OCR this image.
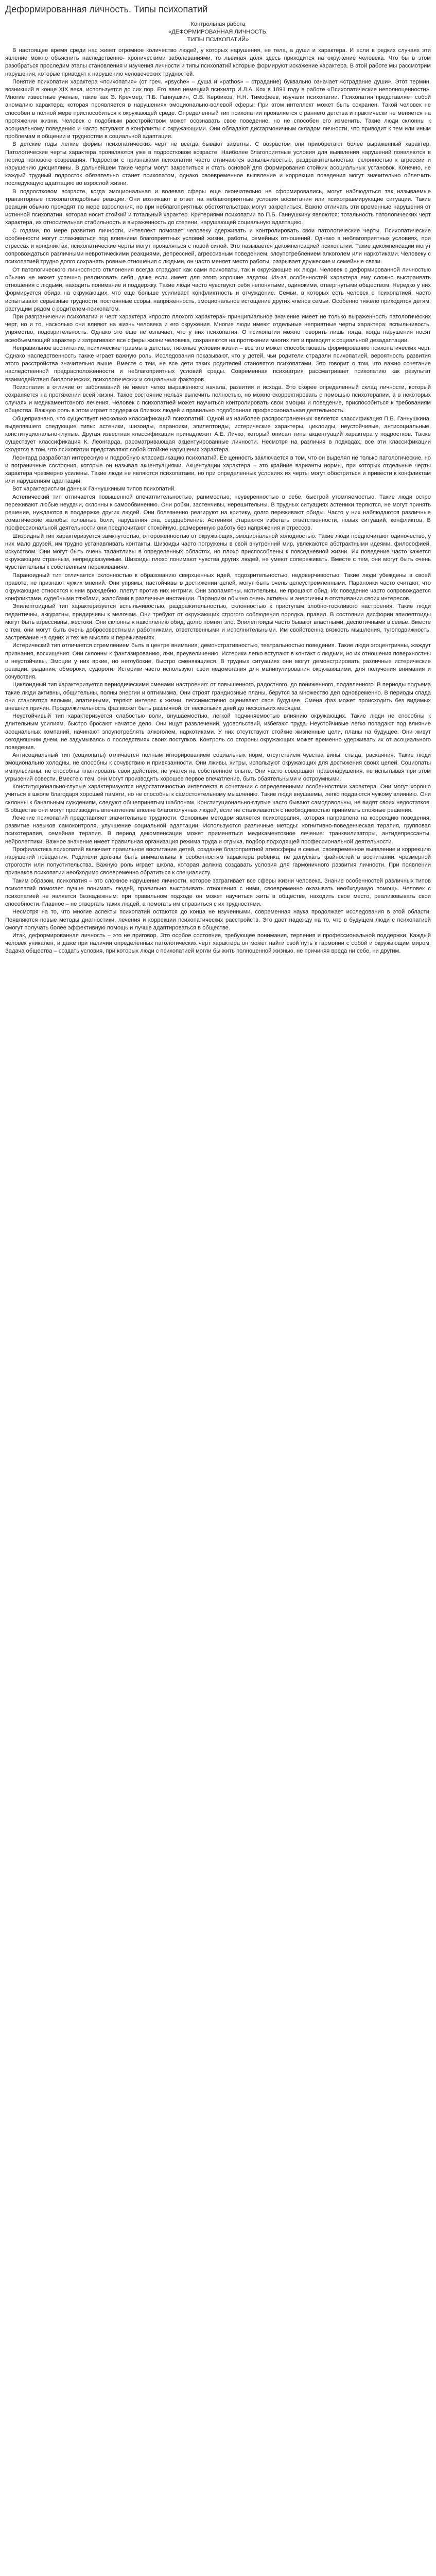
Деформированная личность. Типы психопатий
Контрольная работа
«ДЕФОРМИРОВАННАЯ ЛИЧНОСТЬ.
ТИПЫ ПСИХОПАТИЙ»

В настоящее время среди нас живет огромное количество людей, у которых нарушения, не тела, а души и характера. И если в редких случаях эти явление можно объяснить наследственно- хроническими заболеваниями, то львиная доля здесь приходится на окружение человека. Что бы в этом разобраться проследим этапы становления и изучения личности и типы психопатий которые формируют искажение характера. В этой работе мы рассмотрим нарушения, которые приводят к нарушению человеческих трудностей.

Понятие психопатии характера «психопатия» (от греч. «psyche» – душа и «pathos» – страдание) буквально означает «страдание души». Этот термин, возникший в конце XIX века, используется до сих пор. Его ввел немецкий психиатр И.Л.А. Кох в 1891 году в работе «Психопатические неполноценности». Многие известные ученые, такие как Э. Кречмер, П.Б. Ганнушкин, О.В. Кербиков, Н.Н. Тимофеев, изучали психопатии. Психопатия представляет собой аномалию характера, которая проявляется в нарушениях эмоционально-волевой сферы. При этом интеллект может быть сохранен. Такой человек не способен в полной мере приспособиться к окружающей среде. Определенный тип психопатии проявляется с раннего детства и практически не меняется на протяжении жизни. Человек с подобным расстройством может осознавать свое поведение, но не способен его изменить. Такие люди склонны к асоциальному поведению и часто вступают в конфликты с окружающими. Они обладают дисгармоничным складом личности, что приводит к тем или иным проблемам в общении и трудностям в социальной адаптации.

В детские годы легкие формы психопатических черт не всегда бывают заметны. С возрастом они приобретают более выраженный характер. Патологические черты характера проявляются уже в подростковом возрасте. Наиболее благоприятные условия для выявления нарушений появляются в период полового созревания. Подростки с признаками психопатии часто отличаются вспыльчивостью, раздражительностью, склонностью к агрессии и нарушению дисциплины. В дальнейшем такие черты могут закрепиться и стать основой для формирования стойких асоциальных установок. Конечно, не каждый трудный подросток обязательно станет психопатом, однако своевременное выявление и коррекция поведения могут значительно облегчить последующую адаптацию во взрослой жизни.

В подростковом возрасте, когда эмоциональная и волевая сферы еще окончательно не сформировались, могут наблюдаться так называемые транзиторные психопатоподобные реакции. Они возникают в ответ на неблагоприятные условия воспитания или психотравмирующие ситуации. Такие реакции обычно проходят по мере взросления, но при неблагоприятных обстоятельствах могут закрепиться. Важно отличать эти временные нарушения от истинной психопатии, которая носит стойкий и тотальный характер. Критериями психопатии по П.Б. Ганнушкину являются: тотальность патологических черт характера, их относительная стабильность и выраженность до степени, нарушающей социальную адаптацию.

С годами, по мере развития личности, интеллект помогает человеку сдерживать и контролировать свои патологические черты. Психопатические особенности могут сглаживаться под влиянием благоприятных условий жизни, работы, семейных отношений. Однако в неблагоприятных условиях, при стрессах и конфликтах, психопатические черты могут проявляться с новой силой. Это называется декомпенсацией психопатии. Такие декомпенсации могут сопровождаться различными невротическими реакциями, депрессией, агрессивным поведением, злоупотреблением алкоголем или наркотиками. Человеку с психопатией трудно долго сохранять ровные отношения с людьми, он часто меняет место работы, разрывает дружеские и семейные связи.

От патологического личностного отклонения всегда страдают как сами психопаты, так и окружающие их люди. Человек с деформированной личностью обычно не может успешно реализовать себя, даже если имеет для этого хорошие задатки. Из-за особенностей характера ему сложно выстраивать отношения с людьми, находить понимание и поддержку. Такие люди часто чувствуют себя непонятыми, одинокими, отвергнутыми обществом. Нередко у них формируется обида на окружающих, что еще больше усиливает конфликтность и отчуждение. Семьи, в которых есть человек с психопатией, часто испытывают серьезные трудности: постоянные ссоры, напряженность, эмоциональное истощение других членов семьи. Особенно тяжело приходится детям, растущим рядом с родителем-психопатом.

При разграничении психопатии и черт характера «просто плохого характера» принципиальное значение имеет не только выраженность патологических черт, но и то, насколько они влияют на жизнь человека и его окружения. Многие люди имеют отдельные неприятные черты характера: вспыльчивость, упрямство, подозрительность. Однако это еще не означает, что у них психопатия. О психопатии можно говорить лишь тогда, когда нарушения носят всеобъемлющий характер и затрагивают все сферы жизни человека, сохраняются на протяжении многих лет и приводят к социальной дезадаптации.

Неправильное воспитание, психические травмы в детстве, тяжелые условия жизни – все это может способствовать формированию психопатических черт. Однако наследственность также играет важную роль. Исследования показывают, что у детей, чьи родители страдали психопатией, вероятность развития этого расстройства значительно выше. Вместе с тем, не все дети таких родителей становятся психопатами. Это говорит о том, что важно сочетание наследственной предрасположенности и неблагоприятных условий среды. Современная психиатрия рассматривает психопатию как результат взаимодействия биологических, психологических и социальных факторов.

Психопатия в отличие от заболеваний не имеет четко выраженного начала, развития и исхода. Это скорее определенный склад личности, который сохраняется на протяжении всей жизни. Такое состояние нельзя вылечить полностью, но можно скорректировать с помощью психотерапии, а в некоторых случаях и медикаментозного лечения. Человек с психопатией может научиться контролировать свои эмоции и поведение, приспособиться к требованиям общества. Важную роль в этом играет поддержка близких людей и правильно подобранная профессиональная деятельность.

Общепризнано, что существует несколько классификаций психопатий. Одной из наиболее распространенных является классификация П.Б. Ганнушкина, выделявшего следующие типы: астеники, шизоиды, параноики, эпилептоиды, истерические характеры, циклоиды, неустойчивые, антисоциальные, конституционально-глупые. Другая известная классификация принадлежит А.Е. Личко, который описал типы акцентуаций характера у подростков. Также существует классификация К. Леонгарда, рассматривающая акцентуированные личности. Несмотря на различия в подходах, все эти классификации сходятся в том, что психопатии представляют собой стойкие нарушения характера.

Леонгард разработал интересную и подробную классификацию психопатий. Ее ценность заключается в том, что он выделял не только патологические, но и пограничные состояния, которые он называл акцентуациями. Акцентуации характера – это крайние варианты нормы, при которых отдельные черты характера чрезмерно усилены. Такие люди не являются психопатами, но при определенных условиях их черты могут обостриться и привести к конфликтам или нарушениям адаптации.

Вот характеристики данных Ганнушкиным типов психопатий.

Астенический тип отличается повышенной впечатлительностью, ранимостью, неуверенностью в себе, быстрой утомляемостью. Такие люди остро переживают любые неудачи, склонны к самообвинению. Они робки, застенчивы, нерешительны. В трудных ситуациях астеники теряются, не могут принять решение, нуждаются в поддержке других людей. Они болезненно реагируют на критику, долго переживают обиды. Часто у них наблюдаются различные соматические жалобы: головные боли, нарушения сна, сердцебиение. Астеники стараются избегать ответственности, новых ситуаций, конфликтов. В профессиональной деятельности они предпочитают спокойную, размеренную работу без напряжения и стрессов.

Шизоидный тип характеризуется замкнутостью, отгороженностью от окружающих, эмоциональной холодностью. Такие люди предпочитают одиночество, у них мало друзей, им трудно устанавливать контакты. Шизоиды часто погружены в свой внутренний мир, увлекаются абстрактными идеями, философией, искусством. Они могут быть очень талантливы в определенных областях, но плохо приспособлены к повседневной жизни. Их поведение часто кажется окружающим странным, непредсказуемым. Шизоиды плохо понимают чувства других людей, не умеют сопереживать. Вместе с тем, они могут быть очень чувствительны к собственным переживаниям.

Параноидный тип отличается склонностью к образованию сверхценных идей, подозрительностью, недоверчивостью. Такие люди убеждены в своей правоте, не признают чужих мнений. Они упрямы, настойчивы в достижении целей, могут быть очень целеустремленными. Параноики часто считают, что окружающие относятся к ним враждебно, плетут против них интриги. Они злопамятны, мстительны, не прощают обид. Их поведение часто сопровождается конфликтами, судебными тяжбами, жалобами в различные инстанции. Параноики обычно очень активны и энергичны в отстаивании своих интересов.

Эпилептоидный тип характеризуется вспыльчивостью, раздражительностью, склонностью к приступам злобно-тоскливого настроения. Такие люди педантичны, аккуратны, придирчивы к мелочам. Они требуют от окружающих строгого соблюдения порядка, правил. В состоянии дисфории эпилептоиды могут быть агрессивны, жестоки. Они склонны к накоплению обид, долго помнят зло. Эпилептоиды часто бывают властными, деспотичными в семье. Вместе с тем, они могут быть очень добросовестными работниками, ответственными и исполнительными. Им свойственна вязкость мышления, тугоподвижность, застревание на одних и тех же мыслях и переживаниях.

Истерический тип отличается стремлением быть в центре внимания, демонстративностью, театральностью поведения. Такие люди эгоцентричны, жаждут признания, восхищения. Они склонны к фантазированию, лжи, преувеличению. Истерики легко вступают в контакт с людьми, но их отношения поверхностны и неустойчивы. Эмоции у них яркие, но неглубокие, быстро сменяющиеся. В трудных ситуациях они могут демонстрировать различные истерические реакции: рыдания, обмороки, судороги. Истерики часто используют свои недомогания для манипулирования окружающими, для получения внимания и сочувствия.

Циклоидный тип характеризуется периодическими сменами настроения: от повышенного, радостного, до пониженного, подавленного. В периоды подъема такие люди активны, общительны, полны энергии и оптимизма. Они строят грандиозные планы, берутся за множество дел одновременно. В периоды спада они становятся вялыми, апатичными, теряют интерес к жизни, пессимистично оценивают свое будущее. Смена фаз может происходить без видимых внешних причин. Продолжительность фаз может быть различной: от нескольких дней до нескольких месяцев.

Неустойчивый тип характеризуется слабостью воли, внушаемостью, легкой подчиняемостью влиянию окружающих. Такие люди не способны к длительным усилиям, быстро бросают начатое дело. Они ищут развлечений, удовольствий, избегают труда. Неустойчивые легко попадают под влияние асоциальных компаний, начинают злоупотреблять алкоголем, наркотиками. У них отсутствуют стойкие жизненные цели, планы на будущее. Они живут сегодняшним днем, не задумываясь о последствиях своих поступков. Контроль со стороны окружающих может временно удерживать их от асоциального поведения.

Антисоциальный тип (социопаты) отличается полным игнорированием социальных норм, отсутствием чувства вины, стыда, раскаяния. Такие люди эмоционально холодны, не способны к сочувствию и привязанности. Они лживы, хитры, используют окружающих для достижения своих целей. Социопаты импульсивны, не способны планировать свои действия, не учатся на собственном опыте. Они часто совершают правонарушения, не испытывая при этом угрызений совести. Вместе с тем, они могут производить хорошее первое впечатление, быть обаятельными и остроумными.

Конституционально-глупые характеризуются недостаточностью интеллекта в сочетании с определенными особенностями характера. Они могут хорошо учиться в школе благодаря хорошей памяти, но не способны к самостоятельному мышлению. Такие люди внушаемы, легко поддаются чужому влиянию. Они склонны к банальным суждениям, следуют общепринятым шаблонам. Конституционально-глупые часто бывают самодовольны, не видят своих недостатков. В обществе они могут производить впечатление вполне благополучных людей, если не сталкиваются с необходимостью принимать сложные решения.

Лечение психопатий представляет значительные трудности. Основным методом является психотерапия, которая направлена на коррекцию поведения, развитие навыков самоконтроля, улучшение социальной адаптации. Используются различные методы: когнитивно-поведенческая терапия, групповая психотерапия, семейная терапия. В период декомпенсации может применяться медикаментозное лечение: транквилизаторы, антидепрессанты, нейролептики. Важное значение имеет правильная организация режима труда и отдыха, подбор подходящей профессиональной деятельности.

Профилактика психопатий включает правильное воспитание детей, создание благоприятной атмосферы в семье, своевременное выявление и коррекцию нарушений поведения. Родители должны быть внимательны к особенностям характера ребенка, не допускать крайностей в воспитании: чрезмерной строгости или попустительства. Важную роль играет школа, которая должна создавать условия для гармоничного развития личности. При появлении признаков психопатии необходимо своевременно обратиться к специалисту.

Таким образом, психопатия – это сложное нарушение личности, которое затрагивает все сферы жизни человека. Знание особенностей различных типов психопатий помогает лучше понимать людей, правильно выстраивать отношения с ними, своевременно оказывать необходимую помощь. Человек с психопатией не является безнадежным: при правильном подходе он может научиться жить в обществе, находить свое место, реализовывать свои способности. Главное – не отвергать таких людей, а помогать им справиться с их трудностями.

Несмотря на то, что многие аспекты психопатий остаются до конца не изученными, современная наука продолжает исследования в этой области. Появляются новые методы диагностики, лечения и коррекции психопатических расстройств. Это дает надежду на то, что в будущем люди с психопатией смогут получать более эффективную помощь и лучше адаптироваться в обществе.

Итак, деформированная личность – это не приговор. Это особое состояние, требующее понимания, терпения и профессиональной поддержки. Каждый человек уникален, и даже при наличии определенных патологических черт характера он может найти свой путь к гармонии с собой и окружающим миром. Задача общества – создать условия, при которых люди с психопатией могли бы жить полноценной жизнью, не причиняя вреда ни себе, ни другим.
